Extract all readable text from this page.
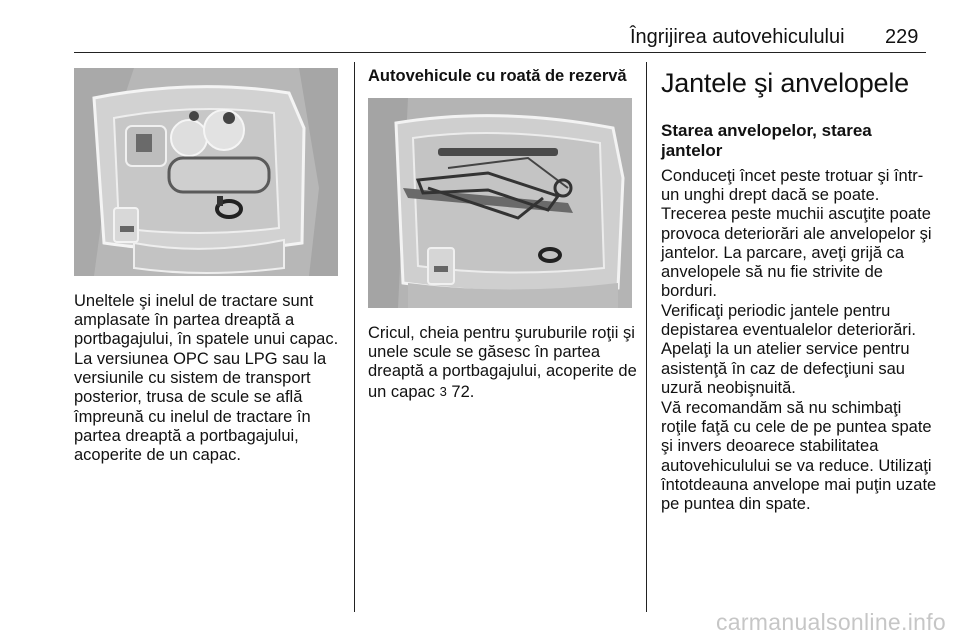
Îngrijirea autovehiculului 229
Uneltele şi inelul de tractare sunt
amplasate în partea dreaptă a
portbagajului, în spatele unui capac.
La versiunea OPC sau LPG sau la
versiunile cu sistem de transport
posterior, trusa de scule se află
împreună cu inelul de tractare în
partea dreaptă a portbagajului,
acoperite de un capac.
Autovehicule cu roată de rezervă
Cricul, cheia pentru şuruburile roţii şi
unele scule se găsesc în partea
dreaptă a portbagajului, acoperite de
un capac 3 72.
Jantele şi anvelopele
Starea anvelopelor, starea
jantelor
Conduceţi încet peste trotuar şi într-
un unghi drept dacă se poate.
Trecerea peste muchii ascuţite poate
provoca deteriorări ale anvelopelor şi
jantelor. La parcare, aveţi grijă ca
anvelopele să nu fie strivite de
borduri.
Verificaţi periodic jantele pentru
depistarea eventualelor deteriorări.
Apelaţi la un atelier service pentru
asistenţă în caz de defecţiuni sau
uzură neobişnuită.
Vă recomandăm să nu schimbaţi
roţile faţă cu cele de pe puntea spate
şi invers deoarece stabilitatea
autovehiculului se va reduce. Utilizaţi
întotdeauna anvelope mai puţin uzate
pe puntea din spate.
carmanualsonline.info
